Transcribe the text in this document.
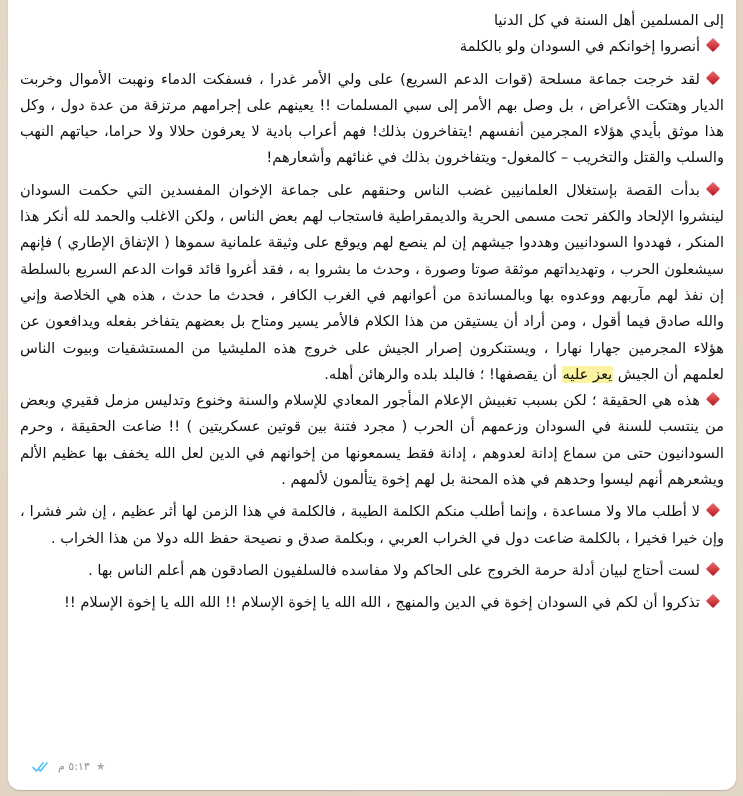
إلى المسلمين أهل السنة في كل الدنيا

أنصروا إخوانكم في السودان ولو بالكلمة

لقد خرجت جماعة مسلحة (قوات الدعم السريع) على ولي الأمر غدرا ، فسفكت الدماء ونهبت الأموال وخربت الديار وهتكت الأعراض ، بل وصل بهم الأمر إلى سبي المسلمات !! يعينهم على إجرامهم مرتزقة من عدة دول ، وكل هذا موثق بأيدي هؤلاء المجرمين أنفسهم !يتفاخرون بذلك! فهم أعراب بادية لا يعرفون حلالا ولا حراما، حياتهم النهب والسلب والقتل والتخريب – كالمغول- ويتفاخرون بذلك في غنائهم وأشعارهم!

بدأت القصة بإستغلال العلمانيين غضب الناس وحنقهم على جماعة الإخوان المفسدين التي حكمت السودان لينشروا الإلحاد والكفر تحت مسمى الحرية والديمقراطية فاستجاب لهم بعض الناس ، ولكن الاغلب والحمد لله أنكر هذا المنكر ، فهددوا السودانيين وهددوا جيشهم إن لم ينصع لهم ويوقع على وثيقة علمانية سموها ( الإتفاق الإطاري ) فإنهم سيشعلون الحرب ، وتهديداتهم موثقة صوتا وصورة ، وحدث ما بشروا به ، فقد أغروا قائد قوات الدعم السريع بالسلطة إن نفذ لهم مآربهم ووعدوه بها وبالمساندة من أعوانهم في الغرب الكافر ، فحدث ما حدث ، هذه هي الخلاصة وإني والله صادق فيما أقول ، ومن أراد أن يستيقن من هذا الكلام فالأمر يسير ومتاح بل بعضهم يتفاخر بفعله ويدافعون عن هؤلاء المجرمين جهارا نهارا ، ويستنكرون إصرار الجيش على خروج هذه المليشيا من المستشفيات وبيوت الناس لعلمهم أن الجيش يعز عليه أن يقصفها! ؛ فالبلد بلده والرهائن أهله.

هذه هي الحقيقة ؛ لكن بسبب تغبيش الإعلام المأجور المعادي للإسلام والسنة وخنوع وتدليس مزمل فقيري وبعض من ينتسب للسنة في السودان وزعمهم أن الحرب ( مجرد فتنة بين قوتين عسكريتين ) !! ضاعت الحقيقة ، وحرم السودانيون حتى من سماع إدانة لعدوهم ، إدانة فقط يسمعونها من إخوانهم في الدين لعل الله يخفف بها عظيم الألم ويشعرهم أنهم ليسوا وحدهم في هذه المحنة بل لهم إخوة يتألمون لألمهم .

لا أطلب مالا ولا مساعدة ، وإنما أطلب منكم الكلمة الطيبة ، فالكلمة في هذا الزمن لها أثر عظيم ، إن شر فشرا ، وإن خيرا فخيرا ، بالكلمة ضاعت دول في الخراب العربي ، وبكلمة صدق و نصيحة حفظ الله دولا من هذا الخراب .

لست أحتاج لبيان أدلة حرمة الخروج على الحاكم ولا مفاسده فالسلفيون الصادقون هم أعلم الناس بها .

تذكروا أن لكم في السودان إخوة في الدين والمنهج ، الله الله يا إخوة الإسلام !! الله الله يا إخوة الإسلام !!

٥:١٣ م ★
